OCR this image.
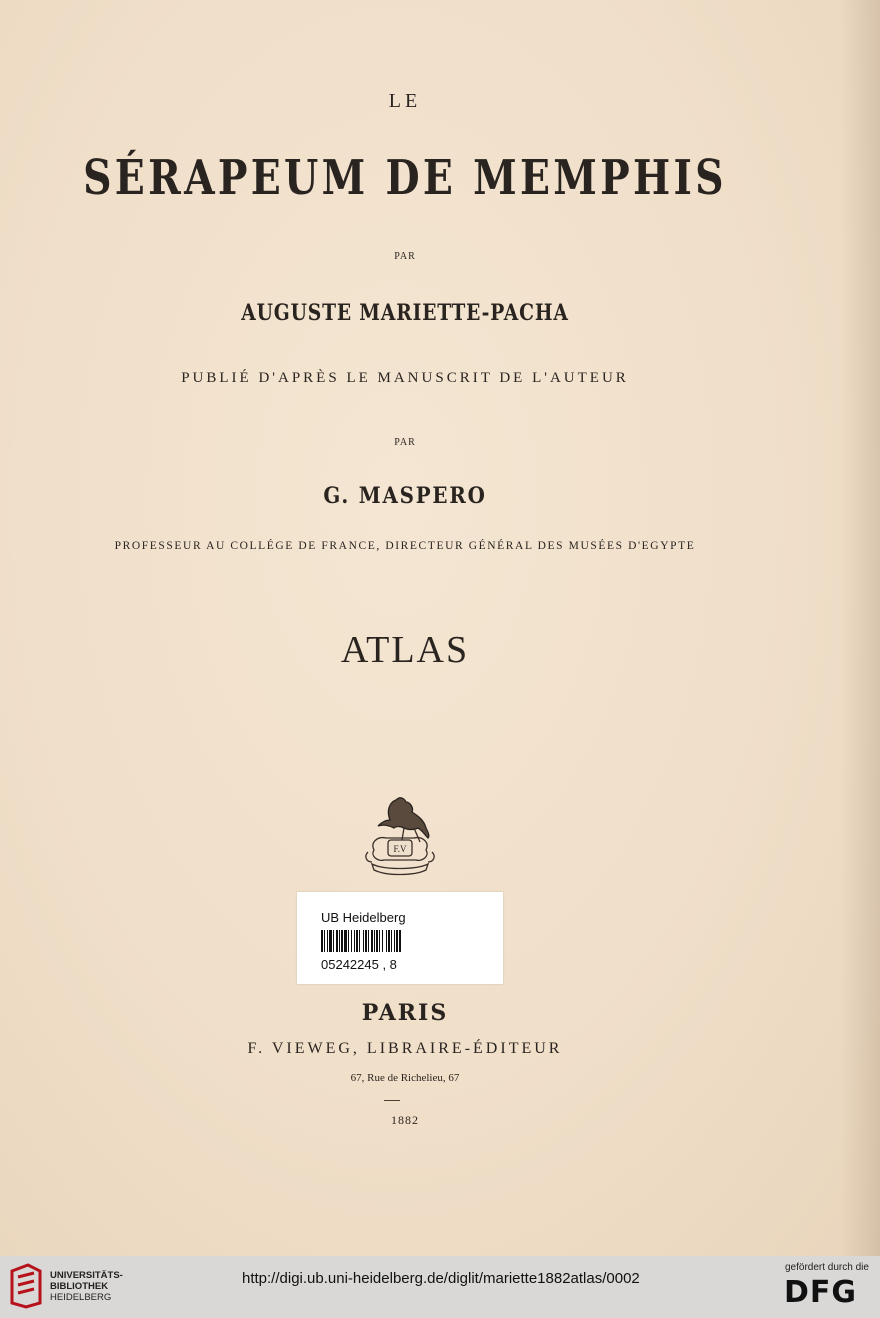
LE
SÉRAPEUM DE MEMPHIS
PAR
AUGUSTE MARIETTE-PACHA
PUBLIÉ D'APRÈS LE MANUSCRIT DE L'AUTEUR
PAR
G. MASPERO
PROFESSEUR AU COLLÉGE DE FRANCE, DIRECTEUR GÉNÉRAL DES MUSÉES D'EGYPTE
ATLAS
F.V
UB Heidelberg
05242245 , 8
PARIS
F. VIEWEG, LIBRAIRE-ÉDITEUR
67, Rue de Richelieu, 67
1882
UNIVERSITÄTS-
BIBLIOTHEK
HEIDELBERG
http://digi.ub.uni-heidelberg.de/diglit/mariette1882atlas/0002
gefördert durch die
DFG
